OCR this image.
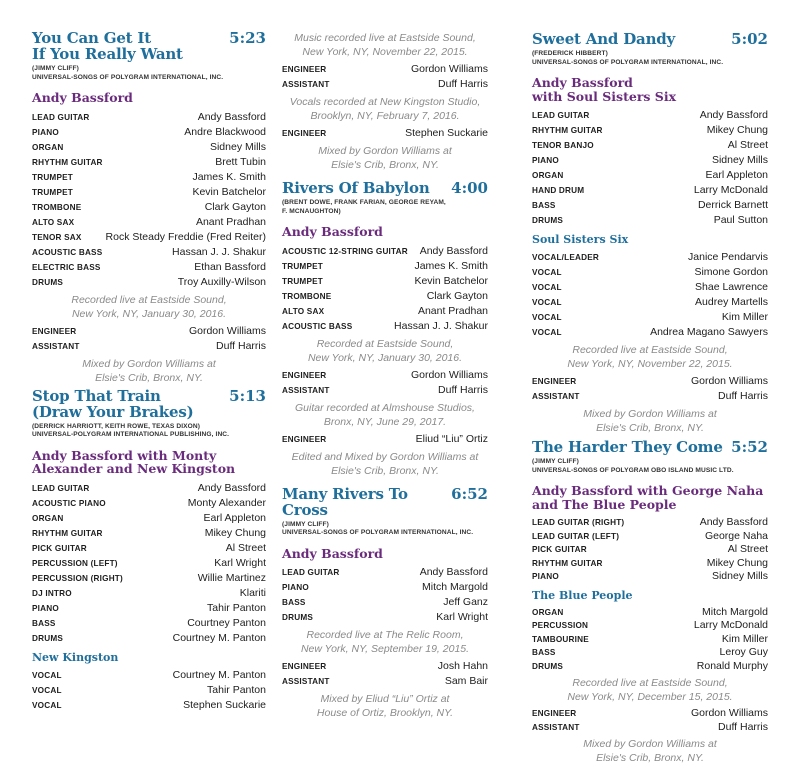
You Can Get It
If You Really Want
5:23
(JIMMY CLIFF)
UNIVERSAL-SONGS OF POLYGRAM INTERNATIONAL, INC.
Andy Bassford
LEAD GUITAR	Andy Bassford
PIANO	Andre Blackwood
ORGAN	Sidney Mills
RHYTHM GUITAR	Brett Tubin
TRUMPET	James K. Smith
TRUMPET	Kevin Batchelor
TROMBONE	Clark Gayton
ALTO SAX	Anant Pradhan
TENOR SAX Rock Steady Freddie (Fred Reiter)
ACOUSTIC BASS	Hassan J. J. Shakur
ELECTRIC BASS	Ethan Bassford
DRUMS	Troy Auxilly-Wilson
Recorded live at Eastside Sound,
New York, NY, January 30, 2016.
ENGINEER	Gordon Williams
ASSISTANT	Duff Harris
Mixed by Gordon Williams at
Elsie's Crib, Bronx, NY.
Stop That Train
(Draw Your Brakes)
5:13
(DERRICK HARRIOTT, KEITH ROWE, TEXAS DIXON)
UNIVERSAL-POLYGRAM INTERNATIONAL PUBLISHING, INC.
Andy Bassford with Monty
Alexander and New Kingston
LEAD GUITAR	Andy Bassford
ACOUSTIC PIANO	Monty Alexander
ORGAN	Earl Appleton
RHYTHM GUITAR	Mikey Chung
PICK GUITAR	Al Street
PERCUSSION (LEFT)	Karl Wright
PERCUSSION (RIGHT)	Willie Martinez
DJ INTRO	Klariti
PIANO	Tahir Panton
BASS	Courtney Panton
DRUMS	Courtney M. Panton
New Kingston
VOCAL	Courtney M. Panton
VOCAL	Tahir Panton
VOCAL	Stephen Suckarie
Music recorded live at Eastside Sound,
New York, NY, November 22, 2015.
ENGINEER	Gordon Williams
ASSISTANT	Duff Harris
Vocals recorded at New Kingston Studio,
Brooklyn, NY, February 7, 2016.
ENGINEER	Stephen Suckarie
Mixed by Gordon Williams at
Elsie's Crib, Bronx, NY.
Rivers Of Babylon 4:00
(BRENT DOWE, FRANK FARIAN, GEORGE REYAM,
F. MCNAUGHTON)
Andy Bassford
ACOUSTIC 12-STRING GUITAR Andy Bassford
TRUMPET	James K. Smith
TRUMPET	Kevin Batchelor
TROMBONE	Clark Gayton
ALTO SAX	Anant Pradhan
ACOUSTIC BASS	Hassan J. J. Shakur
Recorded at Eastside Sound,
New York, NY, January 30, 2016.
ENGINEER	Gordon Williams
ASSISTANT	Duff Harris
Guitar recorded at Almshouse Studios,
Bronx, NY, June 29, 2017.
ENGINEER	Eliud “Liu” Ortiz
Edited and Mixed by Gordon Williams at
Elsie's Crib, Bronx, NY.
Many Rivers To Cross
6:52
(JIMMY CLIFF)
UNIVERSAL-SONGS OF POLYGRAM INTERNATIONAL, INC.
Andy Bassford
LEAD GUITAR	Andy Bassford
PIANO	Mitch Margold
BASS	Jeff Ganz
DRUMS	Karl Wright
Recorded live at The Relic Room,
New York, NY, September 19, 2015.
ENGINEER	Josh Hahn
ASSISTANT	Sam Bair
Mixed by Eliud “Liu” Ortiz at
House of Ortiz, Brooklyn, NY.
Sweet And Dandy	5:02
(FREDERICK HIBBERT)
UNIVERSAL-SONGS OF POLYGRAM INTERNATIONAL, INC.
Andy Bassford
with Soul Sisters Six
LEAD GUITAR	Andy Bassford
RHYTHM GUITAR	Mikey Chung
TENOR BANJO	Al Street
PIANO	Sidney Mills
ORGAN	Earl Appleton
HAND DRUM	Larry McDonald
BASS	Derrick Barnett
DRUMS	Paul Sutton
Soul Sisters Six
VOCAL/LEADER	Janice Pendarvis
VOCAL	Simone Gordon
VOCAL	Shae Lawrence
VOCAL	Audrey Martells
VOCAL	Kim Miller
VOCAL	Andrea Magano Sawyers
Recorded live at Eastside Sound,
New York, NY, November 22, 2015.
ENGINEER	Gordon Williams
ASSISTANT	Duff Harris
Mixed by Gordon Williams at
Elsie's Crib, Bronx, NY.
The Harder They Come 5:52
(JIMMY CLIFF)
UNIVERSAL-SONGS OF POLYGRAM OBO ISLAND MUSIC LTD.
Andy Bassford with George Naha
and The Blue People
LEAD GUITAR (RIGHT)	Andy Bassford
LEAD GUITAR (LEFT)	George Naha
PICK GUITAR	Al Street
RHYTHM GUITAR	Mikey Chung
PIANO	Sidney Mills
The Blue People
ORGAN	Mitch Margold
PERCUSSION	Larry McDonald
TAMBOURINE	Kim Miller
BASS	Leroy Guy
DRUMS	Ronald Murphy
Recorded live at Eastside Sound,
New York, NY, December 15, 2015.
ENGINEER	Gordon Williams
ASSISTANT	Duff Harris
Mixed by Gordon Williams at
Elsie's Crib, Bronx, NY.
